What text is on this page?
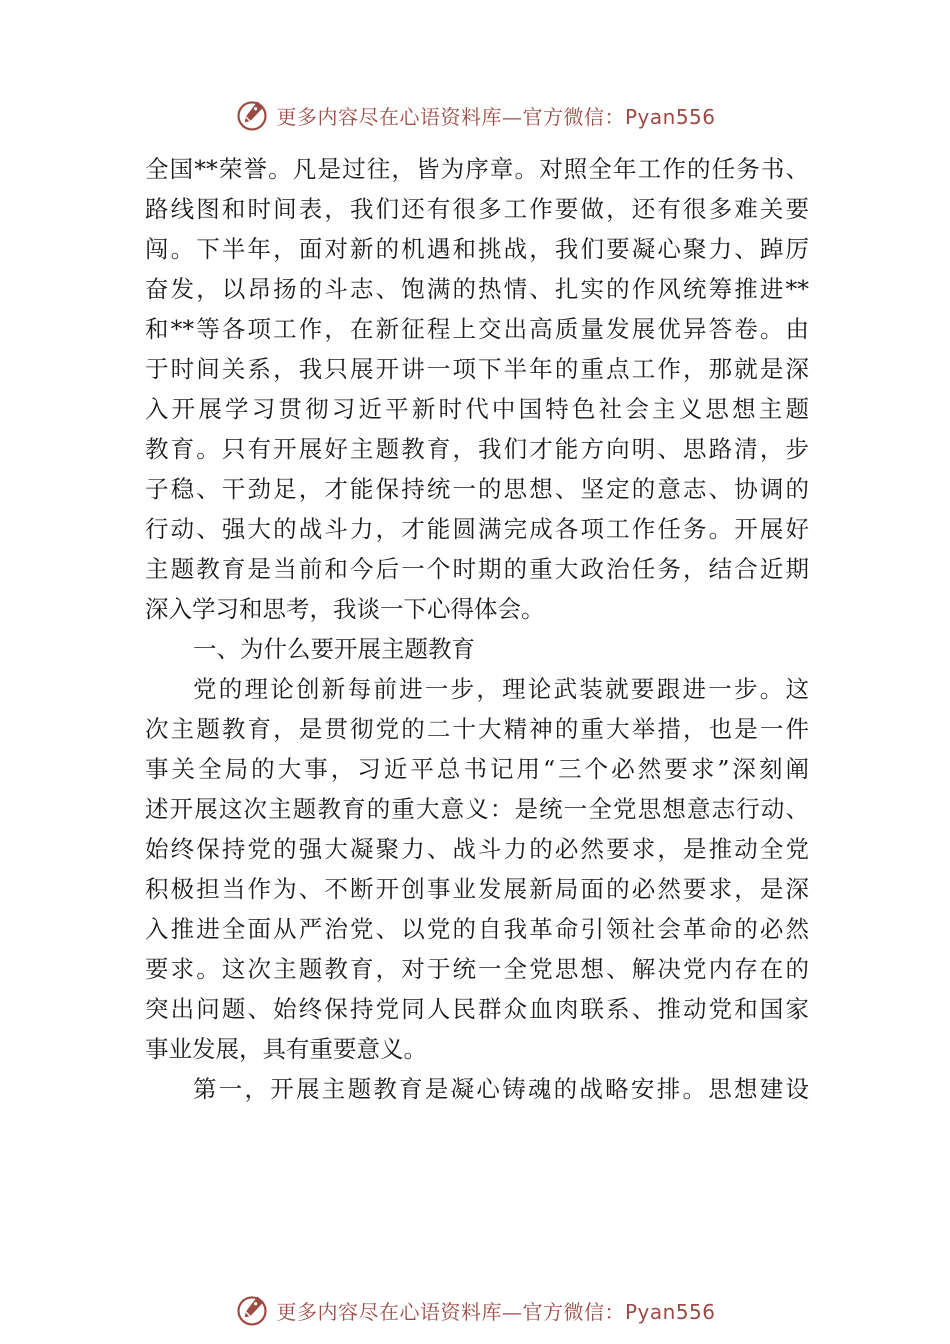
更多内容尽在心语资料库—官方微信：Pyan556
全国**荣誉。凡是过往，皆为序章。对照全年工作的任务书、
路线图和时间表，我们还有很多工作要做，还有很多难关要
闯。下半年，面对新的机遇和挑战，我们要凝心聚力、踔厉
奋发，以昂扬的斗志、饱满的热情、扎实的作风统筹推进**
和**等各项工作，在新征程上交出高质量发展优异答卷。由
于时间关系，我只展开讲一项下半年的重点工作，那就是深
入开展学习贯彻习近平新时代中国特色社会主义思想主题
教育。只有开展好主题教育，我们才能方向明、思路清，步
子稳、干劲足，才能保持统一的思想、坚定的意志、协调的
行动、强大的战斗力，才能圆满完成各项工作任务。开展好
主题教育是当前和今后一个时期的重大政治任务，结合近期
深入学习和思考，我谈一下心得体会。
一、为什么要开展主题教育
党的理论创新每前进一步，理论武装就要跟进一步。这
次主题教育，是贯彻党的二十大精神的重大举措，也是一件
事关全局的大事，习近平总书记用“三个必然要求”深刻阐
述开展这次主题教育的重大意义：是统一全党思想意志行动、
始终保持党的强大凝聚力、战斗力的必然要求，是推动全党
积极担当作为、不断开创事业发展新局面的必然要求，是深
入推进全面从严治党、以党的自我革命引领社会革命的必然
要求。这次主题教育，对于统一全党思想、解决党内存在的
突出问题、始终保持党同人民群众血肉联系、推动党和国家
事业发展，具有重要意义。
第一，开展主题教育是凝心铸魂的战略安排。思想建设
更多内容尽在心语资料库—官方微信：Pyan556
